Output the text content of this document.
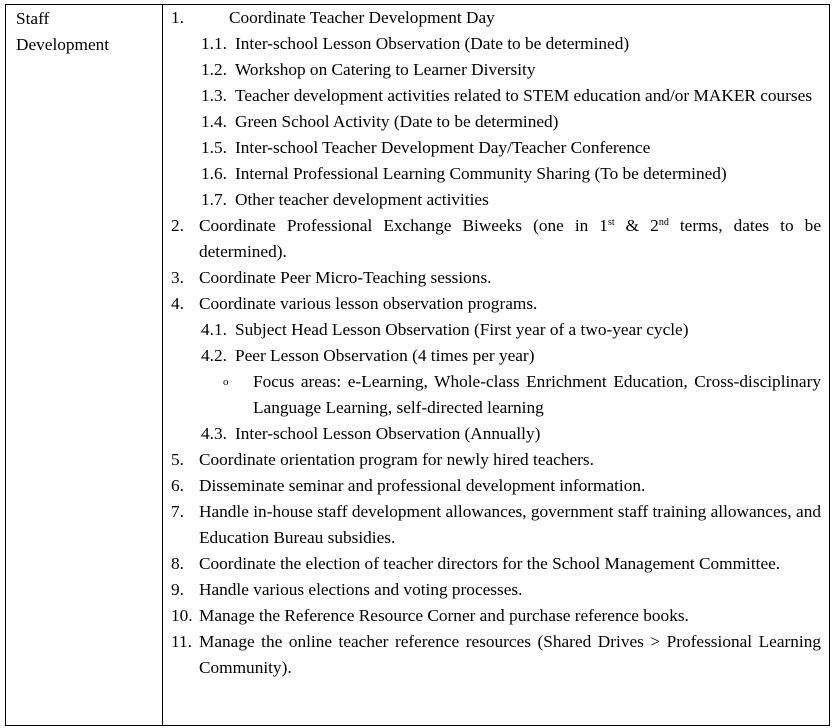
Staff
Development

1.	Coordinate Teacher Development Day
1.1. Inter-school Lesson Observation (Date to be determined)
1.2. Workshop on Catering to Learner Diversity
1.3. Teacher development activities related to STEM education and/or MAKER courses
1.4. Green School Activity (Date to be determined)
1.5. Inter-school Teacher Development Day/Teacher Conference
1.6. Internal Professional Learning Community Sharing (To be determined)
1.7. Other teacher development activities
2. Coordinate Professional Exchange Biweeks (one in 1st & 2nd terms, dates to be determined).
3. Coordinate Peer Micro-Teaching sessions.
4. Coordinate various lesson observation programs.
4.1. Subject Head Lesson Observation (First year of a two-year cycle)
4.2. Peer Lesson Observation (4 times per year)
o	Focus areas: e-Learning, Whole-class Enrichment Education, Cross-disciplinary Language Learning, self-directed learning
4.3. Inter-school Lesson Observation (Annually)
5. Coordinate orientation program for newly hired teachers.
6. Disseminate seminar and professional development information.
7. Handle in-house staff development allowances, government staff training allowances, and Education Bureau subsidies.
8. Coordinate the election of teacher directors for the School Management Committee.
9. Handle various elections and voting processes.
10. Manage the Reference Resource Corner and purchase reference books.
11. Manage the online teacher reference resources (Shared Drives > Professional Learning Community).
